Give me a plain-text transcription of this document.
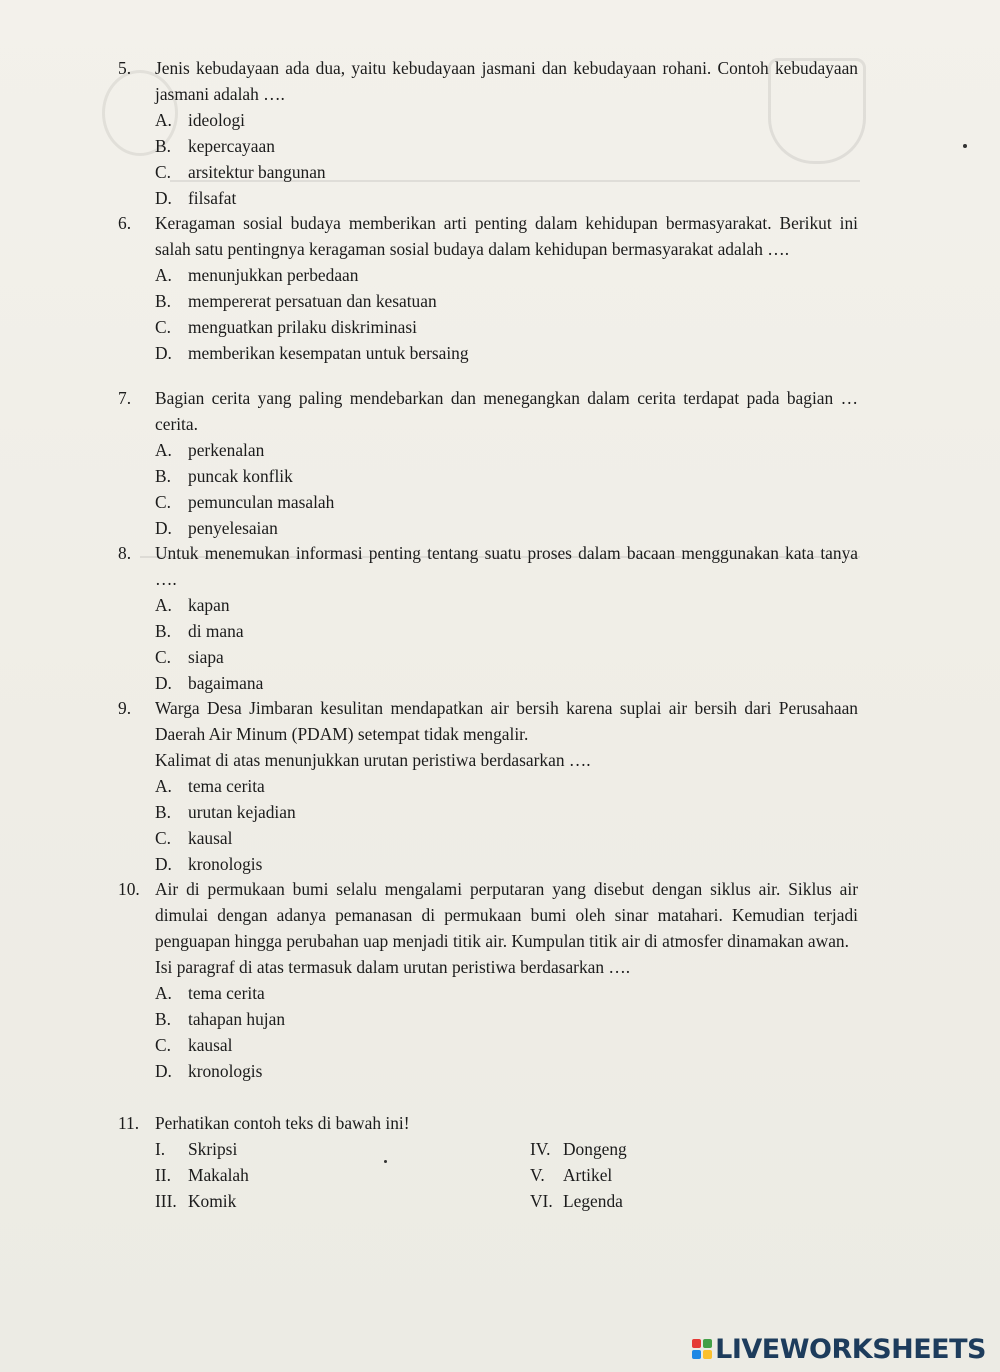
5. Jenis kebudayaan ada dua, yaitu kebudayaan jasmani dan kebudayaan rohani. Contoh kebudayaan jasmani adalah ….

A. ideologi
B. kepercayaan
C. arsitektur bangunan
D. filsafat
6. Keragaman sosial budaya memberikan arti penting dalam kehidupan bermasyarakat. Berikut ini salah satu pentingnya keragaman sosial budaya dalam kehidupan bermasyarakat adalah ….

A. menunjukkan perbedaan
B. mempererat persatuan dan kesatuan
C. menguatkan prilaku diskriminasi
D. memberikan kesempatan untuk bersaing
7. Bagian cerita yang paling mendebarkan dan menegangkan dalam cerita terdapat pada bagian … cerita.

A. perkenalan
B. puncak konflik
C. pemunculan masalah
D. penyelesaian
8. Untuk menemukan informasi penting tentang suatu proses dalam bacaan menggunakan kata tanya ….

A. kapan
B. di mana
C. siapa
D. bagaimana
9. Warga Desa Jimbaran kesulitan mendapatkan air bersih karena suplai air bersih dari Perusahaan Daerah Air Minum (PDAM) setempat tidak mengalir.

Kalimat di atas menunjukkan urutan peristiwa berdasarkan ….

A. tema cerita
B. urutan kejadian
C. kausal
D. kronologis
10. Air di permukaan bumi selalu mengalami perputaran yang disebut dengan siklus air. Siklus air dimulai dengan adanya pemanasan di permukaan bumi oleh sinar matahari. Kemudian terjadi penguapan hingga perubahan uap menjadi titik air. Kumpulan titik air di atmosfer dinamakan awan.

Isi paragraf di atas termasuk dalam urutan peristiwa berdasarkan ….

A. tema cerita
B. tahapan hujan
C. kausal
D. kronologis
11. Perhatikan contoh teks di bawah ini!
I. Skripsi
II. Makalah
III. Komik
IV. Dongeng
V. Artikel
VI. Legenda
LIVEWORKSHEETS
